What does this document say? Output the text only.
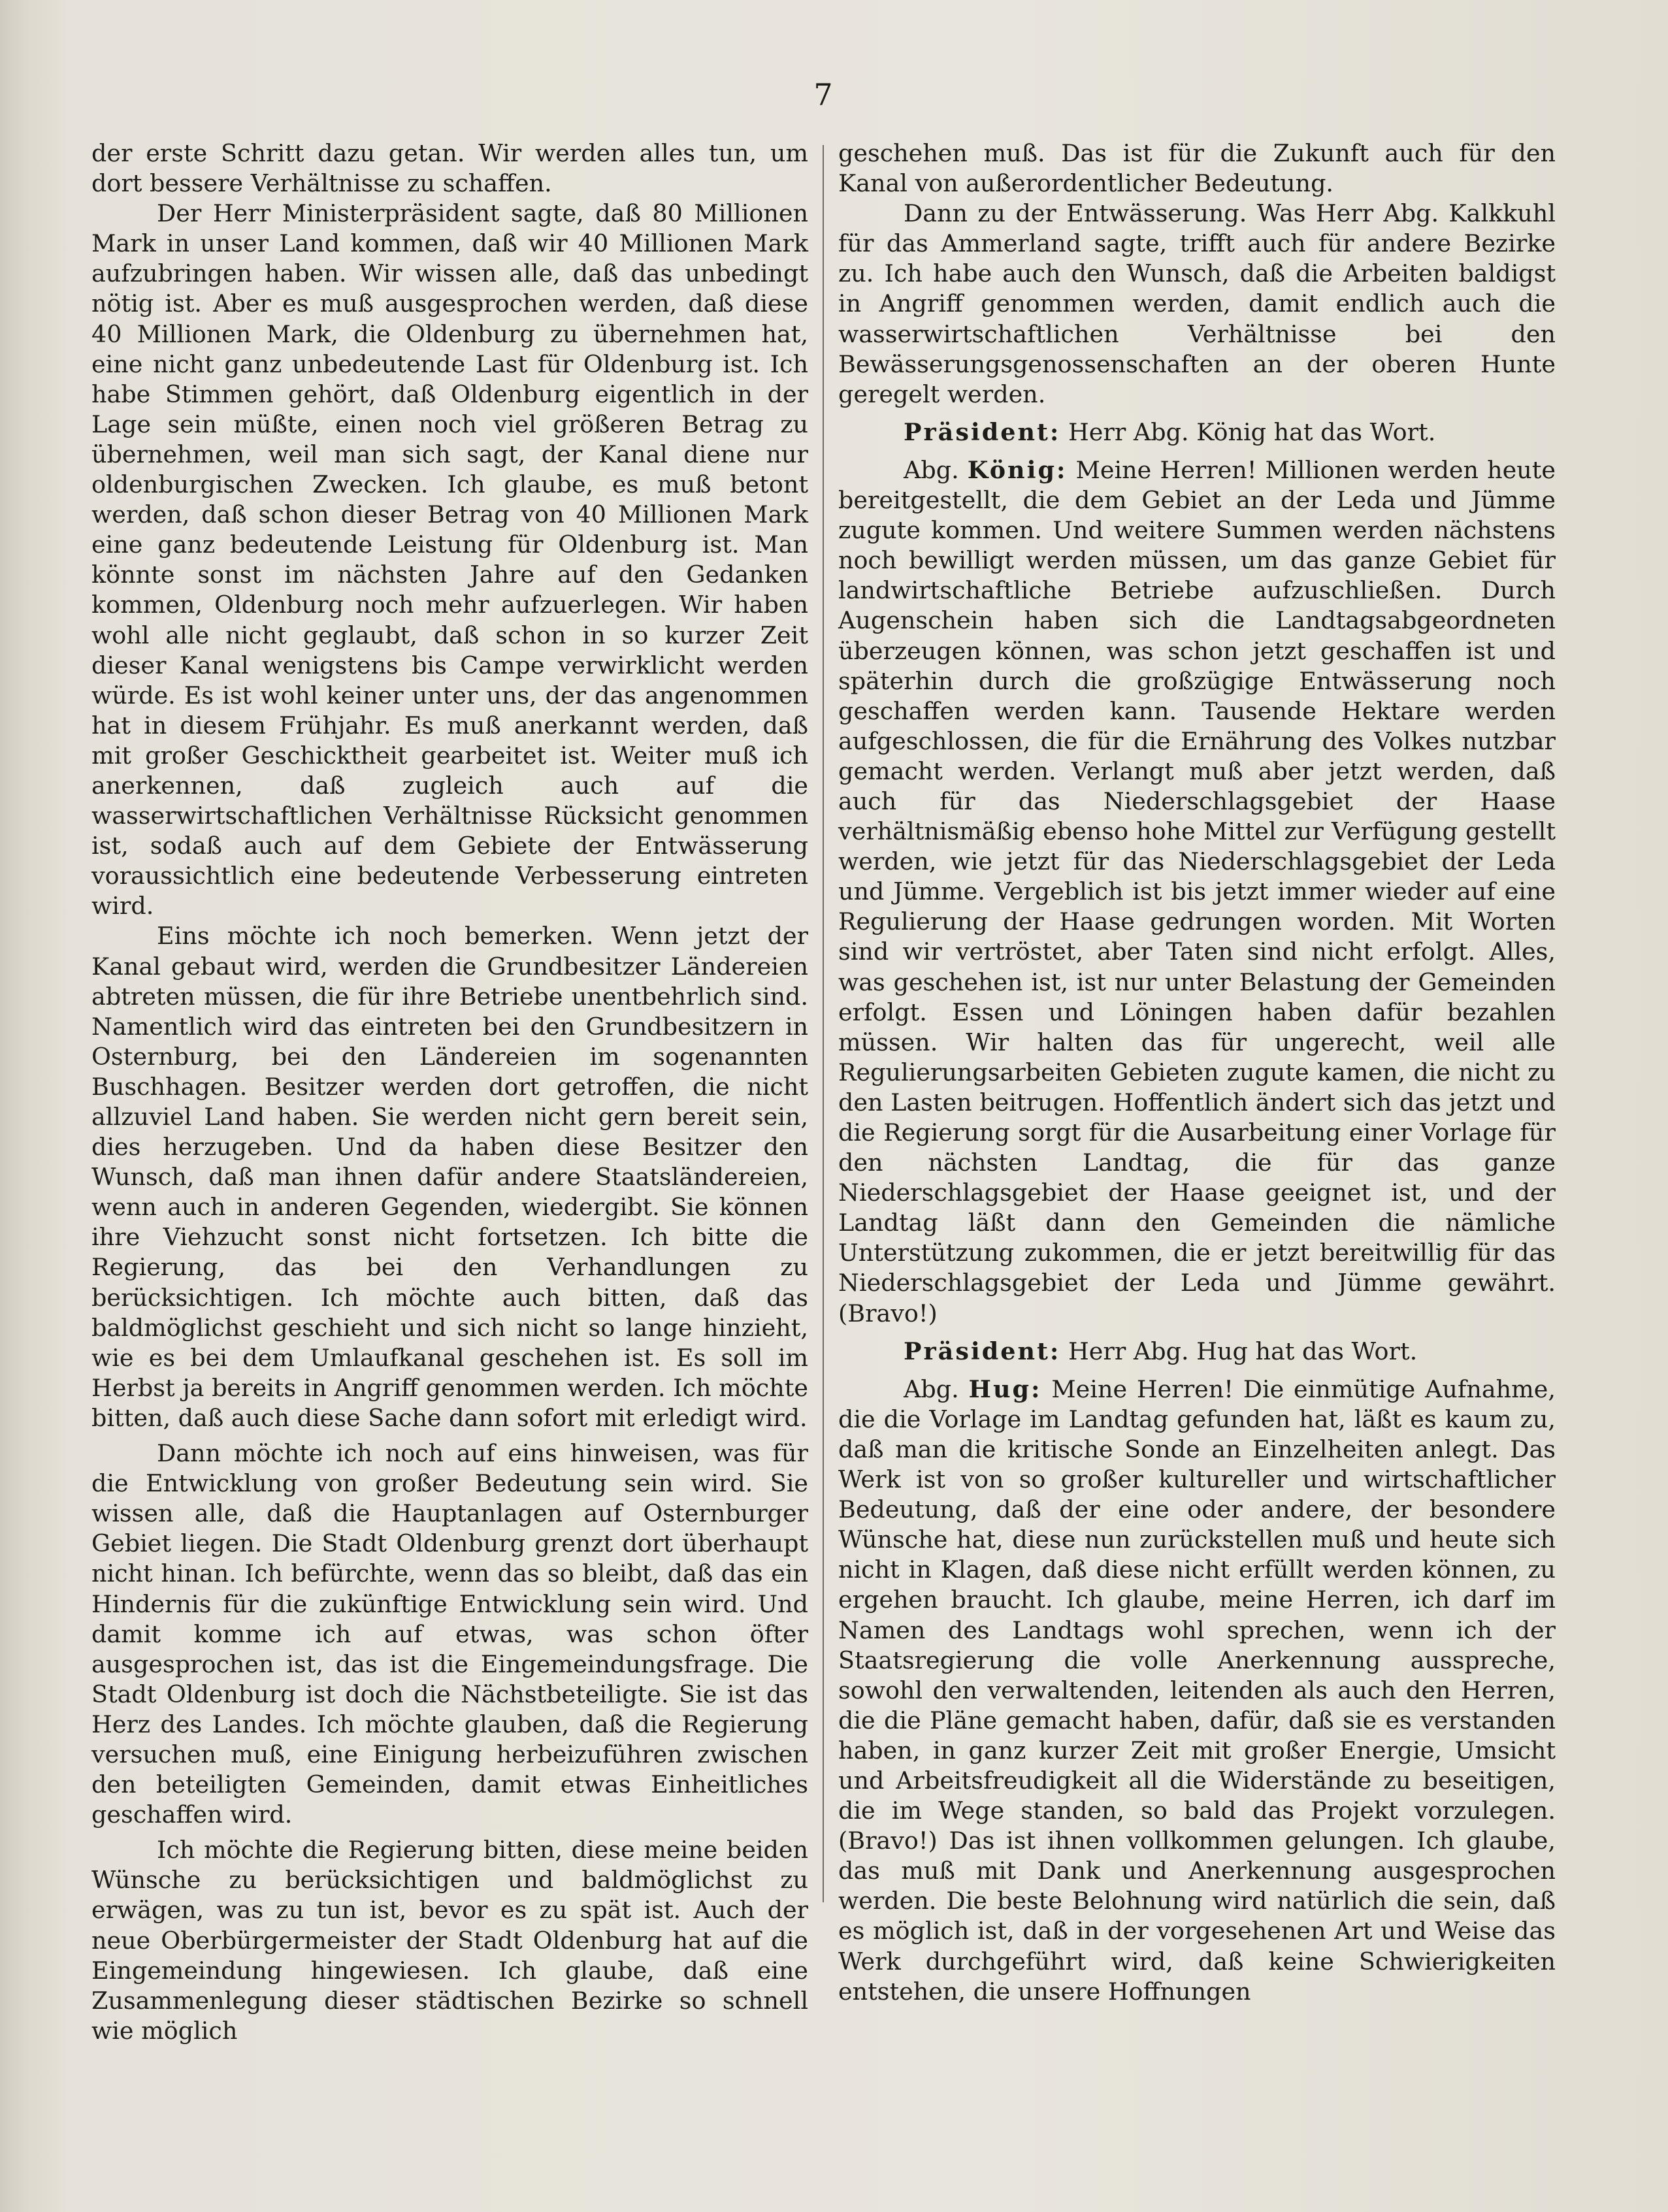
7

der erste Schritt dazu getan. Wir werden alles tun, um dort bessere Verhältnisse zu schaffen.

Der Herr Ministerpräsident sagte, daß 80 Millionen Mark in unser Land kommen, daß wir 40 Millionen Mark aufzubringen haben. Wir wissen alle, daß das unbedingt nötig ist. Aber es muß ausgesprochen werden, daß diese 40 Millionen Mark, die Oldenburg zu übernehmen hat, eine nicht ganz unbedeutende Last für Oldenburg ist. Ich habe Stimmen gehört, daß Oldenburg eigentlich in der Lage sein müßte, einen noch viel größeren Betrag zu übernehmen, weil man sich sagt, der Kanal diene nur oldenburgischen Zwecken. Ich glaube, es muß betont werden, daß schon dieser Betrag von 40 Millionen Mark eine ganz bedeutende Leistung für Oldenburg ist. Man könnte sonst im nächsten Jahre auf den Gedanken kommen, Oldenburg noch mehr aufzuerlegen. Wir haben wohl alle nicht geglaubt, daß schon in so kurzer Zeit dieser Kanal wenigstens bis Campe verwirklicht werden würde. Es ist wohl keiner unter uns, der das angenommen hat in diesem Frühjahr. Es muß anerkannt werden, daß mit großer Geschicktheit gearbeitet ist. Weiter muß ich anerkennen, daß zugleich auch auf die wasserwirtschaftlichen Verhältnisse Rücksicht genommen ist, sodaß auch auf dem Gebiete der Entwässerung voraussichtlich eine bedeutende Verbesserung eintreten wird.

Eins möchte ich noch bemerken. Wenn jetzt der Kanal gebaut wird, werden die Grundbesitzer Ländereien abtreten müssen, die für ihre Betriebe unentbehrlich sind. Namentlich wird das eintreten bei den Grundbesitzern in Osternburg, bei den Ländereien im sogenannten Buschhagen. Besitzer werden dort getroffen, die nicht allzuviel Land haben. Sie werden nicht gern bereit sein, dies herzugeben. Und da haben diese Besitzer den Wunsch, daß man ihnen dafür andere Staatsländereien, wenn auch in anderen Gegenden, wiedergibt. Sie können ihre Viehzucht sonst nicht fortsetzen. Ich bitte die Regierung, das bei den Verhandlungen zu berücksichtigen. Ich möchte auch bitten, daß das baldmöglichst geschieht und sich nicht so lange hinzieht, wie es bei dem Umlaufkanal geschehen ist. Es soll im Herbst ja bereits in Angriff genommen werden. Ich möchte bitten, daß auch diese Sache dann sofort mit erledigt wird.

Dann möchte ich noch auf eins hinweisen, was für die Entwicklung von großer Bedeutung sein wird. Sie wissen alle, daß die Hauptanlagen auf Osternburger Gebiet liegen. Die Stadt Oldenburg grenzt dort überhaupt nicht hinan. Ich befürchte, wenn das so bleibt, daß das ein Hindernis für die zukünftige Entwicklung sein wird. Und damit komme ich auf etwas, was schon öfter ausgesprochen ist, das ist die Eingemeindungsfrage. Die Stadt Oldenburg ist doch die Nächstbeteiligte. Sie ist das Herz des Landes. Ich möchte glauben, daß die Regierung versuchen muß, eine Einigung herbeizuführen zwischen den beteiligten Gemeinden, damit etwas Einheitliches geschaffen wird.

Ich möchte die Regierung bitten, diese meine beiden Wünsche zu berücksichtigen und baldmöglichst zu erwägen, was zu tun ist, bevor es zu spät ist. Auch der neue Oberbürgermeister der Stadt Oldenburg hat auf die Eingemeindung hingewiesen. Ich glaube, daß eine Zusammenlegung dieser städtischen Bezirke so schnell wie möglich

geschehen muß. Das ist für die Zukunft auch für den Kanal von außerordentlicher Bedeutung.

Dann zu der Entwässerung. Was Herr Abg. Kalkkuhl für das Ammerland sagte, trifft auch für andere Bezirke zu. Ich habe auch den Wunsch, daß die Arbeiten baldigst in Angriff genommen werden, damit endlich auch die wasserwirtschaftlichen Verhältnisse bei den Bewässerungsgenossenschaften an der oberen Hunte geregelt werden.

Präsident: Herr Abg. König hat das Wort.

Abg. König: Meine Herren! Millionen werden heute bereitgestellt, die dem Gebiet an der Leda und Jümme zugute kommen. Und weitere Summen werden nächstens noch bewilligt werden müssen, um das ganze Gebiet für landwirtschaftliche Betriebe aufzuschließen. Durch Augenschein haben sich die Landtagsabgeordneten überzeugen können, was schon jetzt geschaffen ist und späterhin durch die großzügige Entwässerung noch geschaffen werden kann. Tausende Hektare werden aufgeschlossen, die für die Ernährung des Volkes nutzbar gemacht werden. Verlangt muß aber jetzt werden, daß auch für das Niederschlagsgebiet der Haase verhältnismäßig ebenso hohe Mittel zur Verfügung gestellt werden, wie jetzt für das Niederschlagsgebiet der Leda und Jümme. Vergeblich ist bis jetzt immer wieder auf eine Regulierung der Haase gedrungen worden. Mit Worten sind wir vertröstet, aber Taten sind nicht erfolgt. Alles, was geschehen ist, ist nur unter Belastung der Gemeinden erfolgt. Essen und Löningen haben dafür bezahlen müssen. Wir halten das für ungerecht, weil alle Regulierungsarbeiten Gebieten zugute kamen, die nicht zu den Lasten beitrugen. Hoffentlich ändert sich das jetzt und die Regierung sorgt für die Ausarbeitung einer Vorlage für den nächsten Landtag, die für das ganze Niederschlagsgebiet der Haase geeignet ist, und der Landtag läßt dann den Gemeinden die nämliche Unterstützung zukommen, die er jetzt bereitwillig für das Niederschlagsgebiet der Leda und Jümme gewährt. (Bravo!)

Präsident: Herr Abg. Hug hat das Wort.

Abg. Hug: Meine Herren! Die einmütige Aufnahme, die die Vorlage im Landtag gefunden hat, läßt es kaum zu, daß man die kritische Sonde an Einzelheiten anlegt. Das Werk ist von so großer kultureller und wirtschaftlicher Bedeutung, daß der eine oder andere, der besondere Wünsche hat, diese nun zurückstellen muß und heute sich nicht in Klagen, daß diese nicht erfüllt werden können, zu ergehen braucht. Ich glaube, meine Herren, ich darf im Namen des Landtags wohl sprechen, wenn ich der Staatsregierung die volle Anerkennung ausspreche, sowohl den verwaltenden, leitenden als auch den Herren, die die Pläne gemacht haben, dafür, daß sie es verstanden haben, in ganz kurzer Zeit mit großer Energie, Umsicht und Arbeitsfreudigkeit all die Widerstände zu beseitigen, die im Wege standen, so bald das Projekt vorzulegen. (Bravo!) Das ist ihnen vollkommen gelungen. Ich glaube, das muß mit Dank und Anerkennung ausgesprochen werden. Die beste Belohnung wird natürlich die sein, daß es möglich ist, daß in der vorgesehenen Art und Weise das Werk durchgeführt wird, daß keine Schwierigkeiten entstehen, die unsere Hoffnungen
